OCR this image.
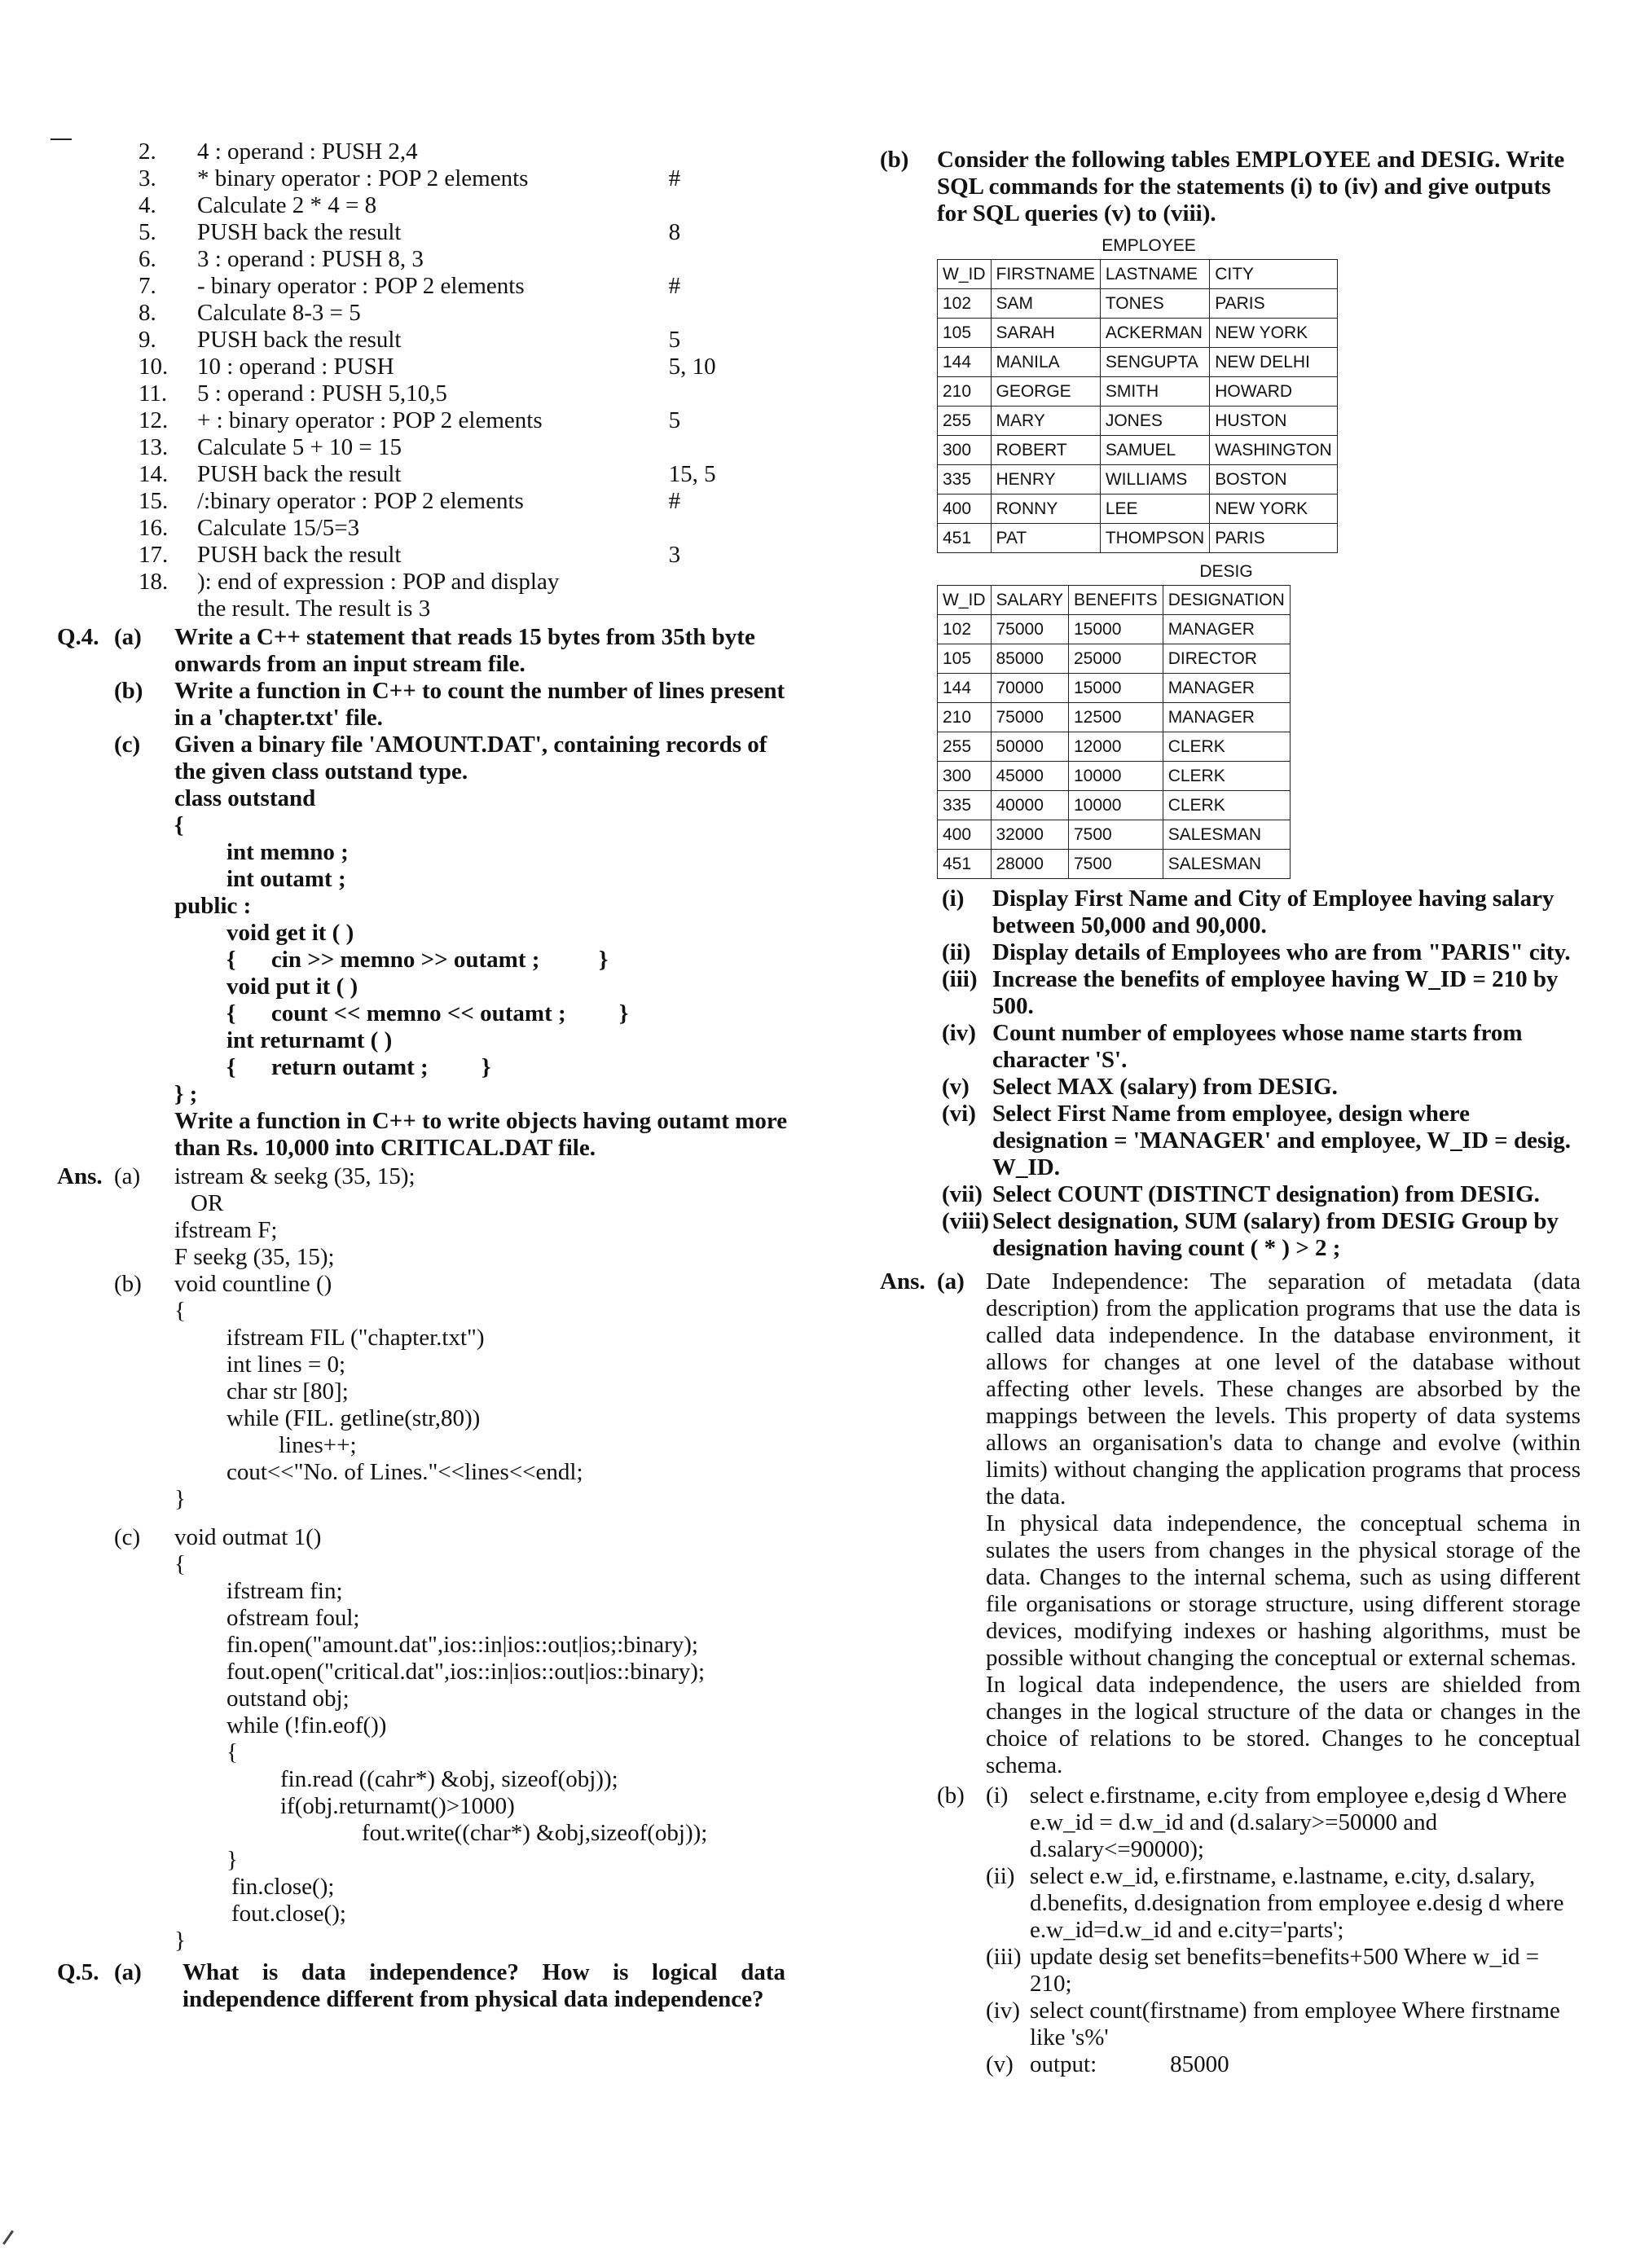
2.	4 : operand : PUSH 2,4
3.	* binary operator : POP 2 elements	#
4.	Calculate 2 * 4 = 8
5.	PUSH back the result	8
6.	3 : operand : PUSH 8, 3
7.	- binary operator : POP 2 elements	#
8.	Calculate 8-3 = 5
9.	PUSH back the result	5
10.	10 : operand : PUSH	5, 10
11.	5 : operand : PUSH 5,10,5
12.	+ : binary operator : POP 2 elements	5
13.	Calculate 5 + 10 = 15
14.	PUSH back the result	15, 5
15.	/:binary operator : POP 2 elements	#
16.	Calculate 15/5=3
17.	PUSH back the result	3
18.	): end of expression : POP and display
the result. The result is 3
Q.4. (a)	Write a C++ statement that reads 15 bytes from 35th byte onwards from an input stream file.
(b)	Write a function in C++ to count the number of lines present in a 'chapter.txt' file.
(c)	Given a binary file 'AMOUNT.DAT', containing records of the given class outstand type.
class outstand
{
int memno ;
int outamt ;
public :
void get it ( )
{      cin >> memno >> outamt ;          }
void put it ( )
{      count << memno << outamt ;         }
int returnamt ( )
{      return outamt ;         }
} ;
Write a function in C++ to write objects having outamt more than Rs. 10,000 into CRITICAL.DAT file.
Ans. (a)	istream & seekg (35, 15);
OR
ifstream F;
F seekg (35, 15);
(b)	void countline ()
{
ifstream FIL ("chapter.txt")
int lines = 0;
char str [80];
while (FIL. getline(str,80))
lines++;
cout<<"No. of Lines."<<lines<<endl;
}
(c)	void outmat 1()
{
ifstream fin;
ofstream foul;
fin.open("amount.dat",ios::in|ios::out|ios;:binary);
fout.open("critical.dat",ios::in|ios::out|ios::binary);
outstand obj;
while (!fin.eof())
{
fin.read ((cahr*) &obj, sizeof(obj));
if(obj.returnamt()>1000)
fout.write((char*) &obj,sizeof(obj));
}
fin.close();
fout.close();
}
Q.5. (a)	What is data independence? How is logical data independence different from physical data independence?
(b)	Consider the following tables EMPLOYEE and DESIG. Write SQL commands for the statements (i) to (iv) and give outputs for SQL queries (v) to (viii).
EMPLOYEE
W_ID	FIRSTNAME	LASTNAME	CITY
102	SAM	TONES	PARIS
105	SARAH	ACKERMAN	NEW YORK
144	MANILA	SENGUPTA	NEW DELHI
210	GEORGE	SMITH	HOWARD
255	MARY	JONES	HUSTON
300	ROBERT	SAMUEL	WASHINGTON
335	HENRY	WILLIAMS	BOSTON
400	RONNY	LEE	NEW YORK
451	PAT	THOMPSON	PARIS
DESIG
W_ID	SALARY	BENEFITS	DESIGNATION
102	75000	15000	MANAGER
105	85000	25000	DIRECTOR
144	70000	15000	MANAGER
210	75000	12500	MANAGER
255	50000	12000	CLERK
300	45000	10000	CLERK
335	40000	10000	CLERK
400	32000	7500	SALESMAN
451	28000	7500	SALESMAN
(i)	Display First Name and City of Employee having salary between 50,000 and 90,000.
(ii) Display details of Employees who are from "PARIS" city.
(iii) Increase the benefits of employee having W_ID = 210 by 500.
(iv) Count number of employees whose name starts from character 'S'.
(v) Select MAX (salary) from DESIG.
(vi) Select First Name from employee, design where designation = 'MANAGER' and employee, W_ID = desig. W_ID.
(vii) Select COUNT (DISTINCT designation) from DESIG.
(viii) Select designation, SUM (salary) from DESIG Group by designation having count ( * ) > 2 ;
Ans. (a) Date Independence: The separation of metadata (data description) from the application programs that use the data is called data independence. In the database environment, it allows for changes at one level of the database without affecting other levels. These changes are absorbed by the mappings between the levels. This property of data systems allows an organisation's data to change and evolve (within limits) without changing the application programs that process the data.
In physical data independence, the conceptual schema in sulates the users from changes in the physical storage of the data. Changes to the internal schema, such as using different file organisations or storage structure, using different storage devices, modifying indexes or hashing algorithms, must be possible without changing the conceptual or external schemas.
In logical data independence, the users are shielded from changes in the logical structure of the data or changes in the choice of relations to be stored. Changes to he conceptual schema.
(b) (i) select e.firstname, e.city from employee e,desig d Where e.w_id = d.w_id and (d.salary>=50000 and d.salary<=90000);
(ii) select e.w_id, e.firstname, e.lastname, e.city, d.salary, d.benefits, d.designation from employee e.desig d where e.w_id=d.w_id and e.city='parts';
(iii) update desig set benefits=benefits+500 Where w_id = 210;
(iv) select count(firstname) from employee Where firstname like 's%'
(v) output:	85000
